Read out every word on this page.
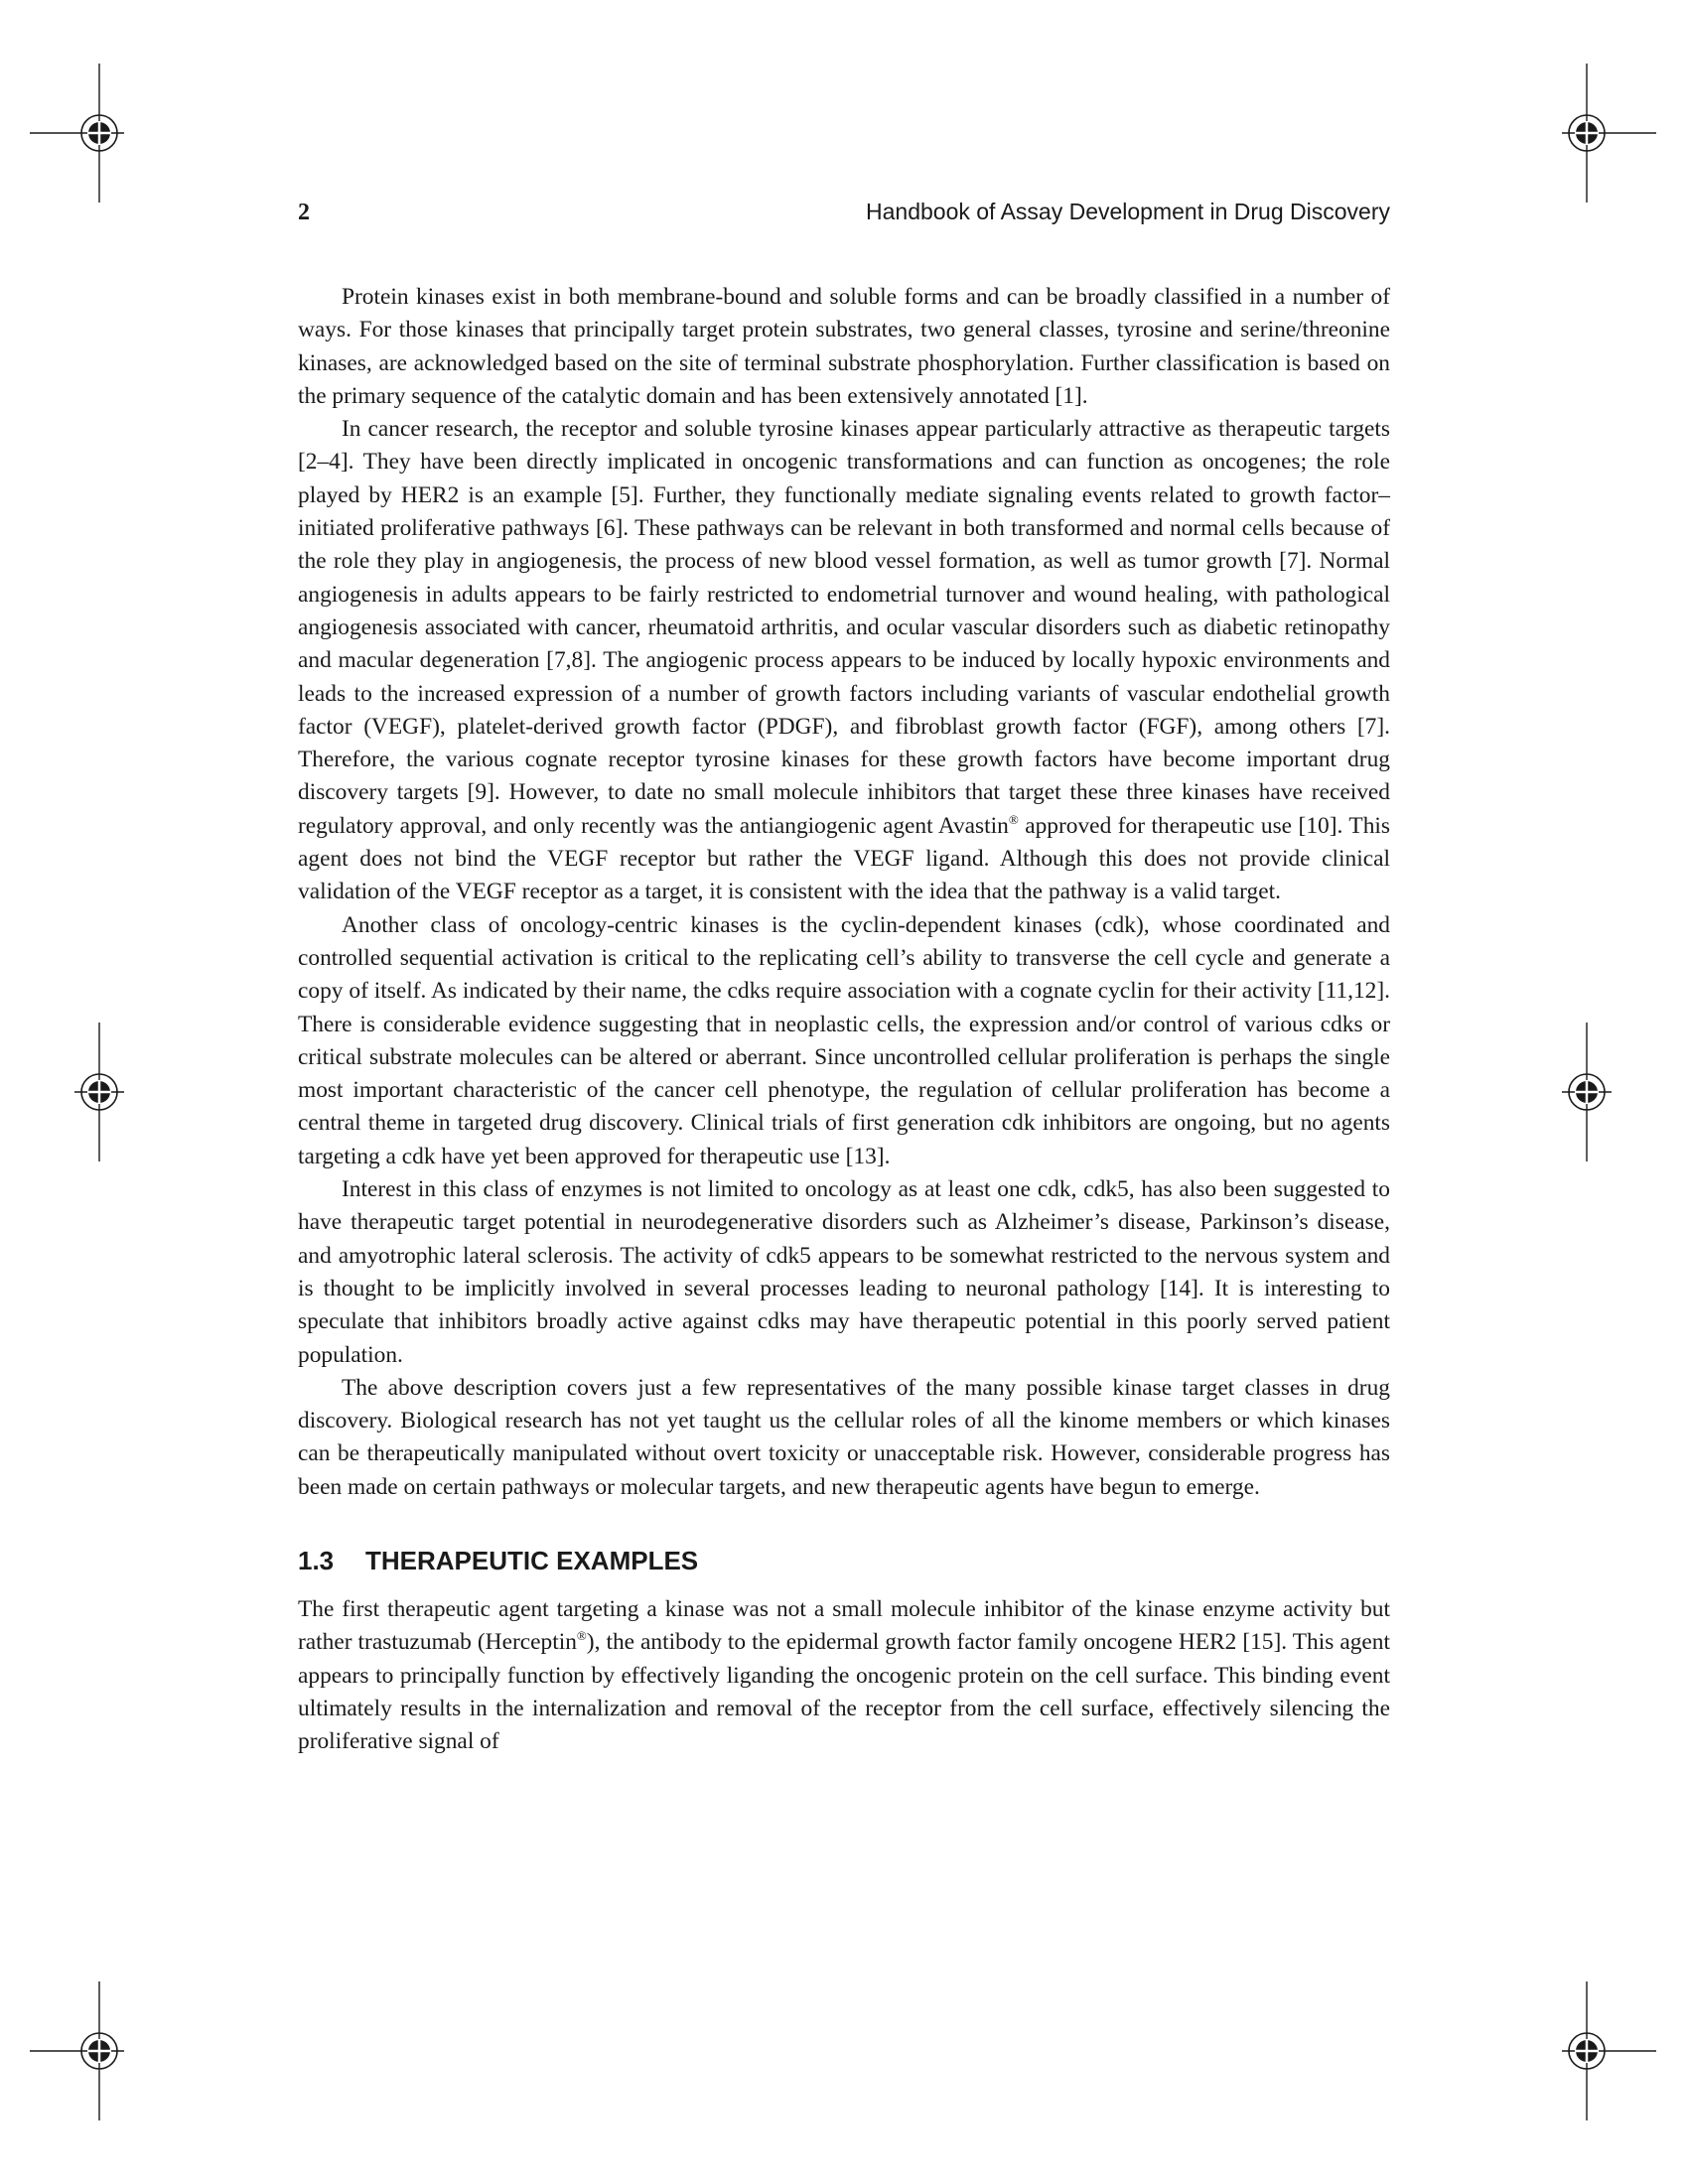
2	Handbook of Assay Development in Drug Discovery

Protein kinases exist in both membrane-bound and soluble forms and can be broadly classified in a number of ways. For those kinases that principally target protein substrates, two general classes, tyrosine and serine/threonine kinases, are acknowledged based on the site of terminal substrate phosphorylation. Further classification is based on the primary sequence of the catalytic domain and has been extensively annotated [1].

In cancer research, the receptor and soluble tyrosine kinases appear particularly attractive as therapeutic targets [2–4]. They have been directly implicated in oncogenic transformations and can function as oncogenes; the role played by HER2 is an example [5]. Further, they functionally mediate signaling events related to growth factor–initiated proliferative pathways [6]. These pathways can be relevant in both transformed and normal cells because of the role they play in angiogenesis, the process of new blood vessel formation, as well as tumor growth [7]. Normal angiogenesis in adults appears to be fairly restricted to endometrial turnover and wound healing, with pathological angiogenesis associated with cancer, rheumatoid arthritis, and ocular vascular disorders such as diabetic retinopathy and macular degeneration [7,8]. The angiogenic process appears to be induced by locally hypoxic environments and leads to the increased expression of a number of growth factors including variants of vascular endothelial growth factor (VEGF), platelet-derived growth factor (PDGF), and fibroblast growth factor (FGF), among others [7]. Therefore, the various cognate receptor tyrosine kinases for these growth factors have become important drug discovery targets [9]. However, to date no small molecule inhibitors that target these three kinases have received regulatory approval, and only recently was the antiangiogenic agent Avastin® approved for therapeutic use [10]. This agent does not bind the VEGF receptor but rather the VEGF ligand. Although this does not provide clinical validation of the VEGF receptor as a target, it is consistent with the idea that the pathway is a valid target.

Another class of oncology-centric kinases is the cyclin-dependent kinases (cdk), whose coordinated and controlled sequential activation is critical to the replicating cell’s ability to transverse the cell cycle and generate a copy of itself. As indicated by their name, the cdks require association with a cognate cyclin for their activity [11,12]. There is considerable evidence suggesting that in neoplastic cells, the expression and/or control of various cdks or critical substrate molecules can be altered or aberrant. Since uncontrolled cellular proliferation is perhaps the single most important characteristic of the cancer cell phenotype, the regulation of cellular proliferation has become a central theme in targeted drug discovery. Clinical trials of first generation cdk inhibitors are ongoing, but no agents targeting a cdk have yet been approved for therapeutic use [13].

Interest in this class of enzymes is not limited to oncology as at least one cdk, cdk5, has also been suggested to have therapeutic target potential in neurodegenerative disorders such as Alzheimer’s disease, Parkinson’s disease, and amyotrophic lateral sclerosis. The activity of cdk5 appears to be somewhat restricted to the nervous system and is thought to be implicitly involved in several processes leading to neuronal pathology [14]. It is interesting to speculate that inhibitors broadly active against cdks may have therapeutic potential in this poorly served patient population.

The above description covers just a few representatives of the many possible kinase target classes in drug discovery. Biological research has not yet taught us the cellular roles of all the kinome members or which kinases can be therapeutically manipulated without overt toxicity or unacceptable risk. However, considerable progress has been made on certain pathways or molecular targets, and new therapeutic agents have begun to emerge.

1.3 THERAPEUTIC EXAMPLES

The first therapeutic agent targeting a kinase was not a small molecule inhibitor of the kinase enzyme activity but rather trastuzumab (Herceptin®), the antibody to the epidermal growth factor family oncogene HER2 [15]. This agent appears to principally function by effectively liganding the oncogenic protein on the cell surface. This binding event ultimately results in the internalization and removal of the receptor from the cell surface, effectively silencing the proliferative signal of
